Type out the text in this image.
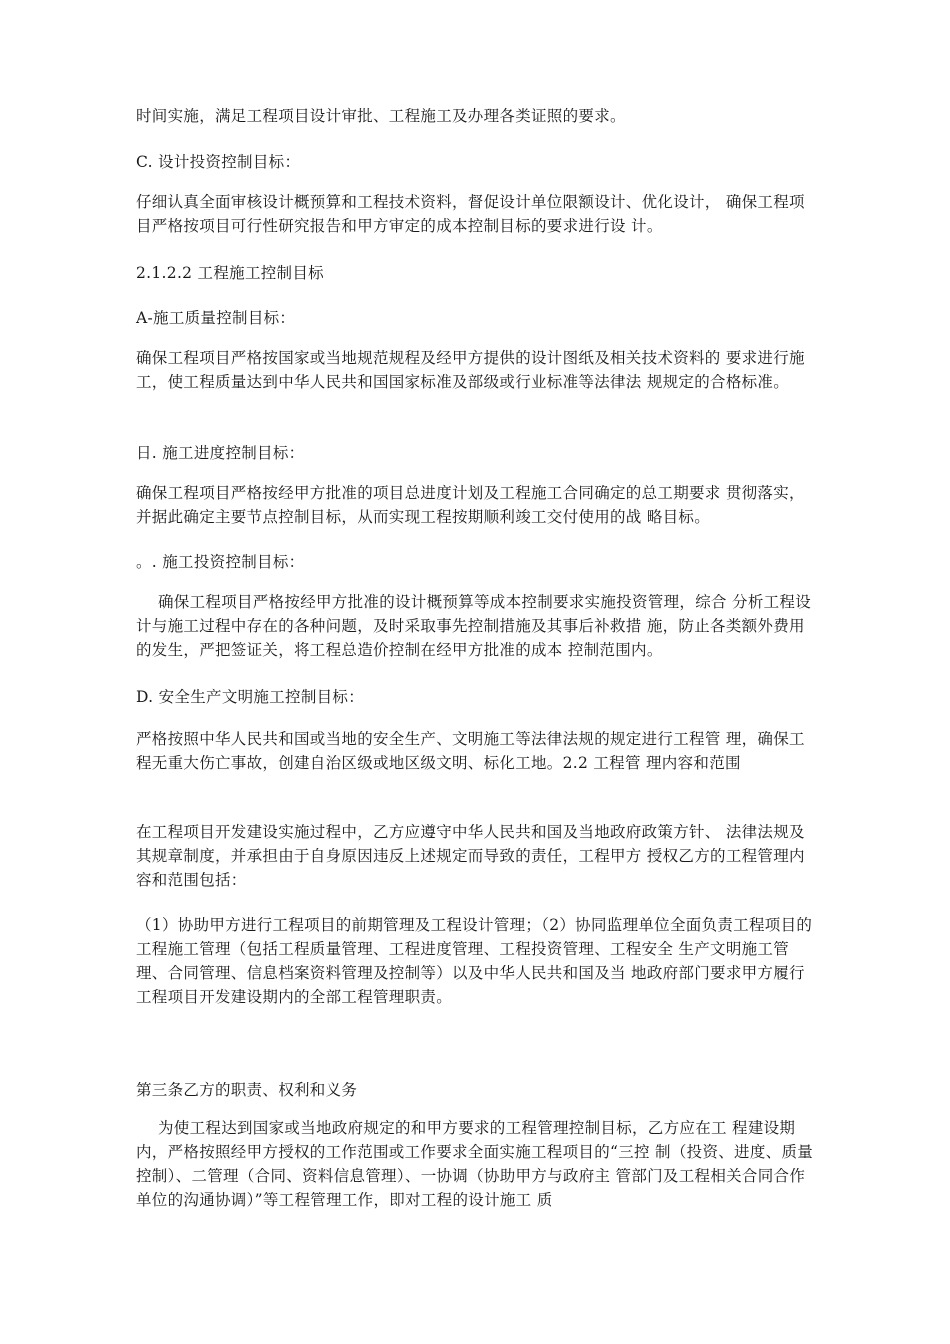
时间实施，满足工程项目设计审批、工程施工及办理各类证照的要求。

C. 设计投资控制目标：

仔细认真全面审核设计概预算和工程技术资料，督促设计单位限额设计、优化设计， 确保工程项目严格按项目可行性研究报告和甲方审定的成本控制目标的要求进行设 计。

2.1.2.2 工程施工控制目标

A-施工质量控制目标：

确保工程项目严格按国家或当地规范规程及经甲方提供的设计图纸及相关技术资料的 要求进行施工，使工程质量达到中华人民共和国国家标准及部级或行业标准等法律法 规规定的合格标准。

日. 施工进度控制目标：

确保工程项目严格按经甲方批准的项目总进度计划及工程施工合同确定的总工期要求 贯彻落实，并据此确定主要节点控制目标，从而实现工程按期顺利竣工交付使用的战 略目标。

。. 施工投资控制目标：

确保工程项目严格按经甲方批准的设计概预算等成本控制要求实施投资管理，综合 分析工程设计与施工过程中存在的各种问题，及时采取事先控制措施及其事后补救措 施，防止各类额外费用的发生，严把签证关，将工程总造价控制在经甲方批准的成本 控制范围内。

D. 安全生产文明施工控制目标：

严格按照中华人民共和国或当地的安全生产、文明施工等法律法规的规定进行工程管 理，确保工程无重大伤亡事故，创建自治区级或地区级文明、标化工地。2.2 工程管 理内容和范围

在工程项目开发建设实施过程中，乙方应遵守中华人民共和国及当地政府政策方针、 法律法规及其规章制度，并承担由于自身原因违反上述规定而导致的责任，工程甲方 授权乙方的工程管理内容和范围包括：

（1）协助甲方进行工程项目的前期管理及工程设计管理；（2）协同监理单位全面负责工程项目的工程施工管理（包括工程质量管理、工程进度管理、工程投资管理、工程安全 生产文明施工管理、合同管理、信息档案资料管理及控制等）以及中华人民共和国及当 地政府部门要求甲方履行工程项目开发建设期内的全部工程管理职责。

第三条乙方的职责、权利和义务

为使工程达到国家或当地政府规定的和甲方要求的工程管理控制目标，乙方应在工 程建设期内，严格按照经甲方授权的工作范围或工作要求全面实施工程项目的“三控 制（投资、进度、质量控制）、二管理（合同、资料信息管理）、一协调（协助甲方与政府主 管部门及工程相关合同合作单位的沟通协调）”等工程管理工作，即对工程的设计施工 质
